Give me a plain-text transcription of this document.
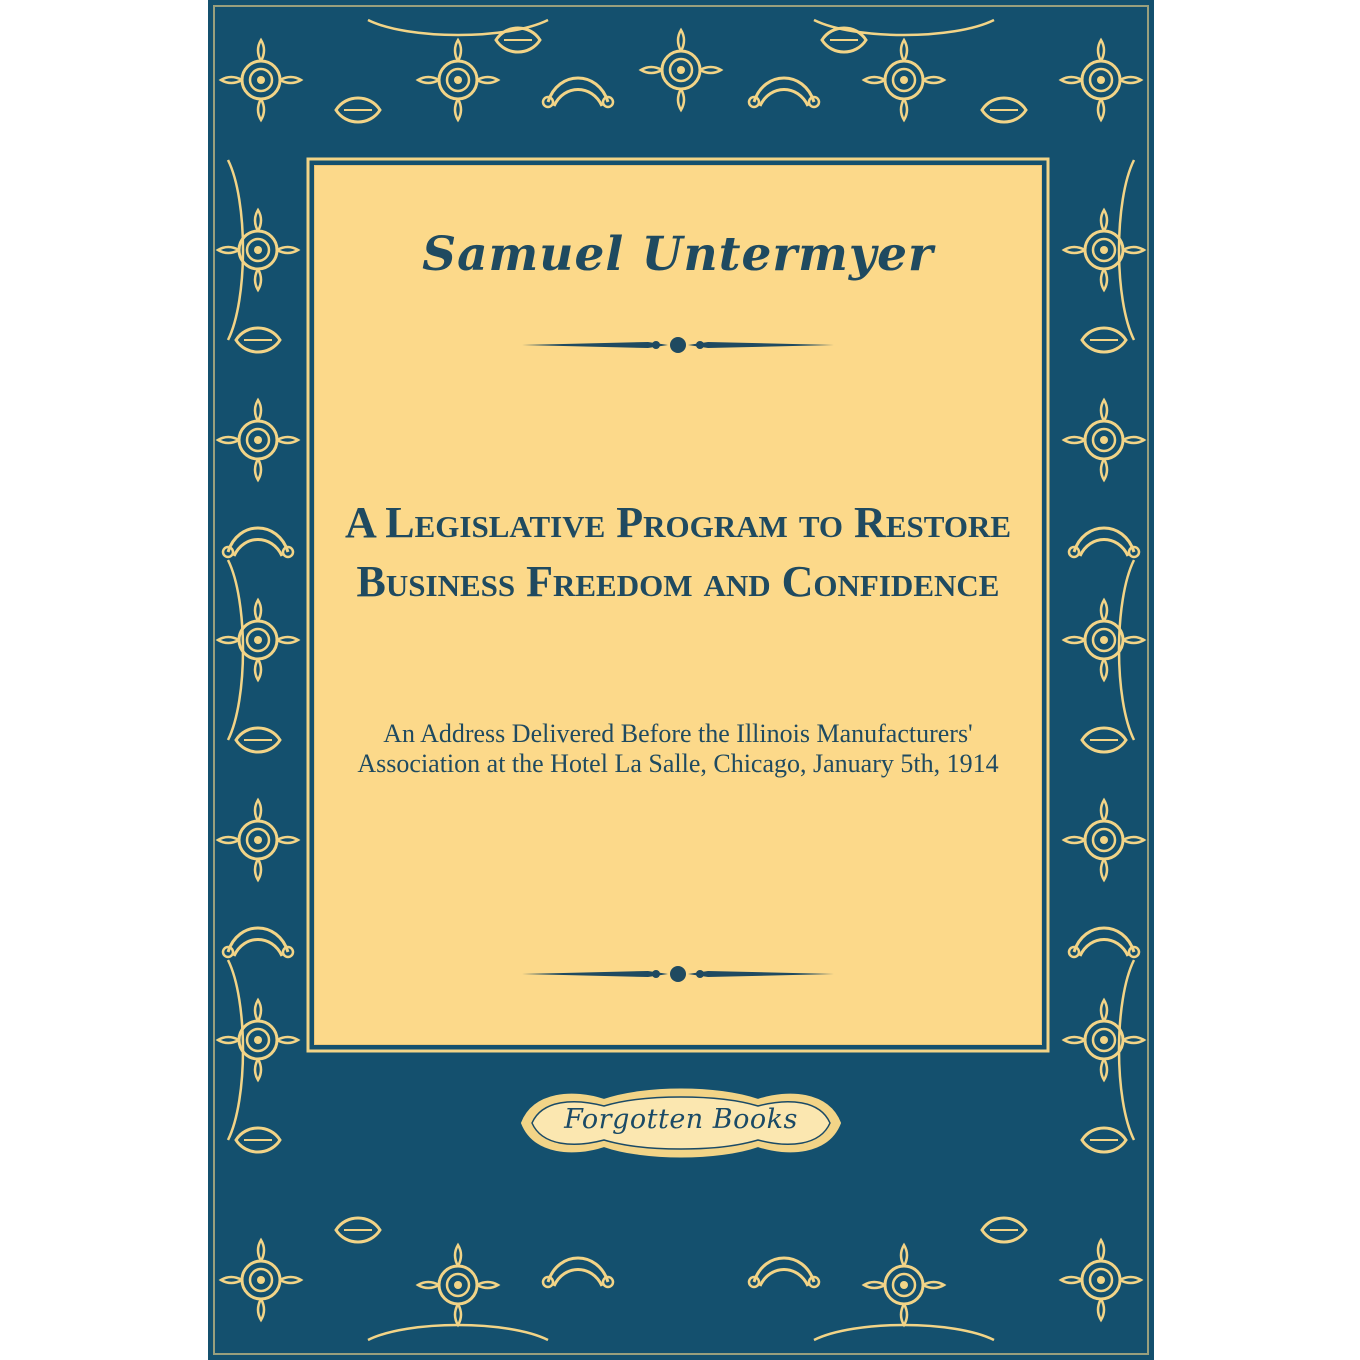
Samuel Untermyer
A Legislative Program to Restore Business Freedom and Confidence

An Address Delivered Before the Illinois Manufacturers' Association at the Hotel La Salle, Chicago, January 5th, 1914

Forgotten Books
